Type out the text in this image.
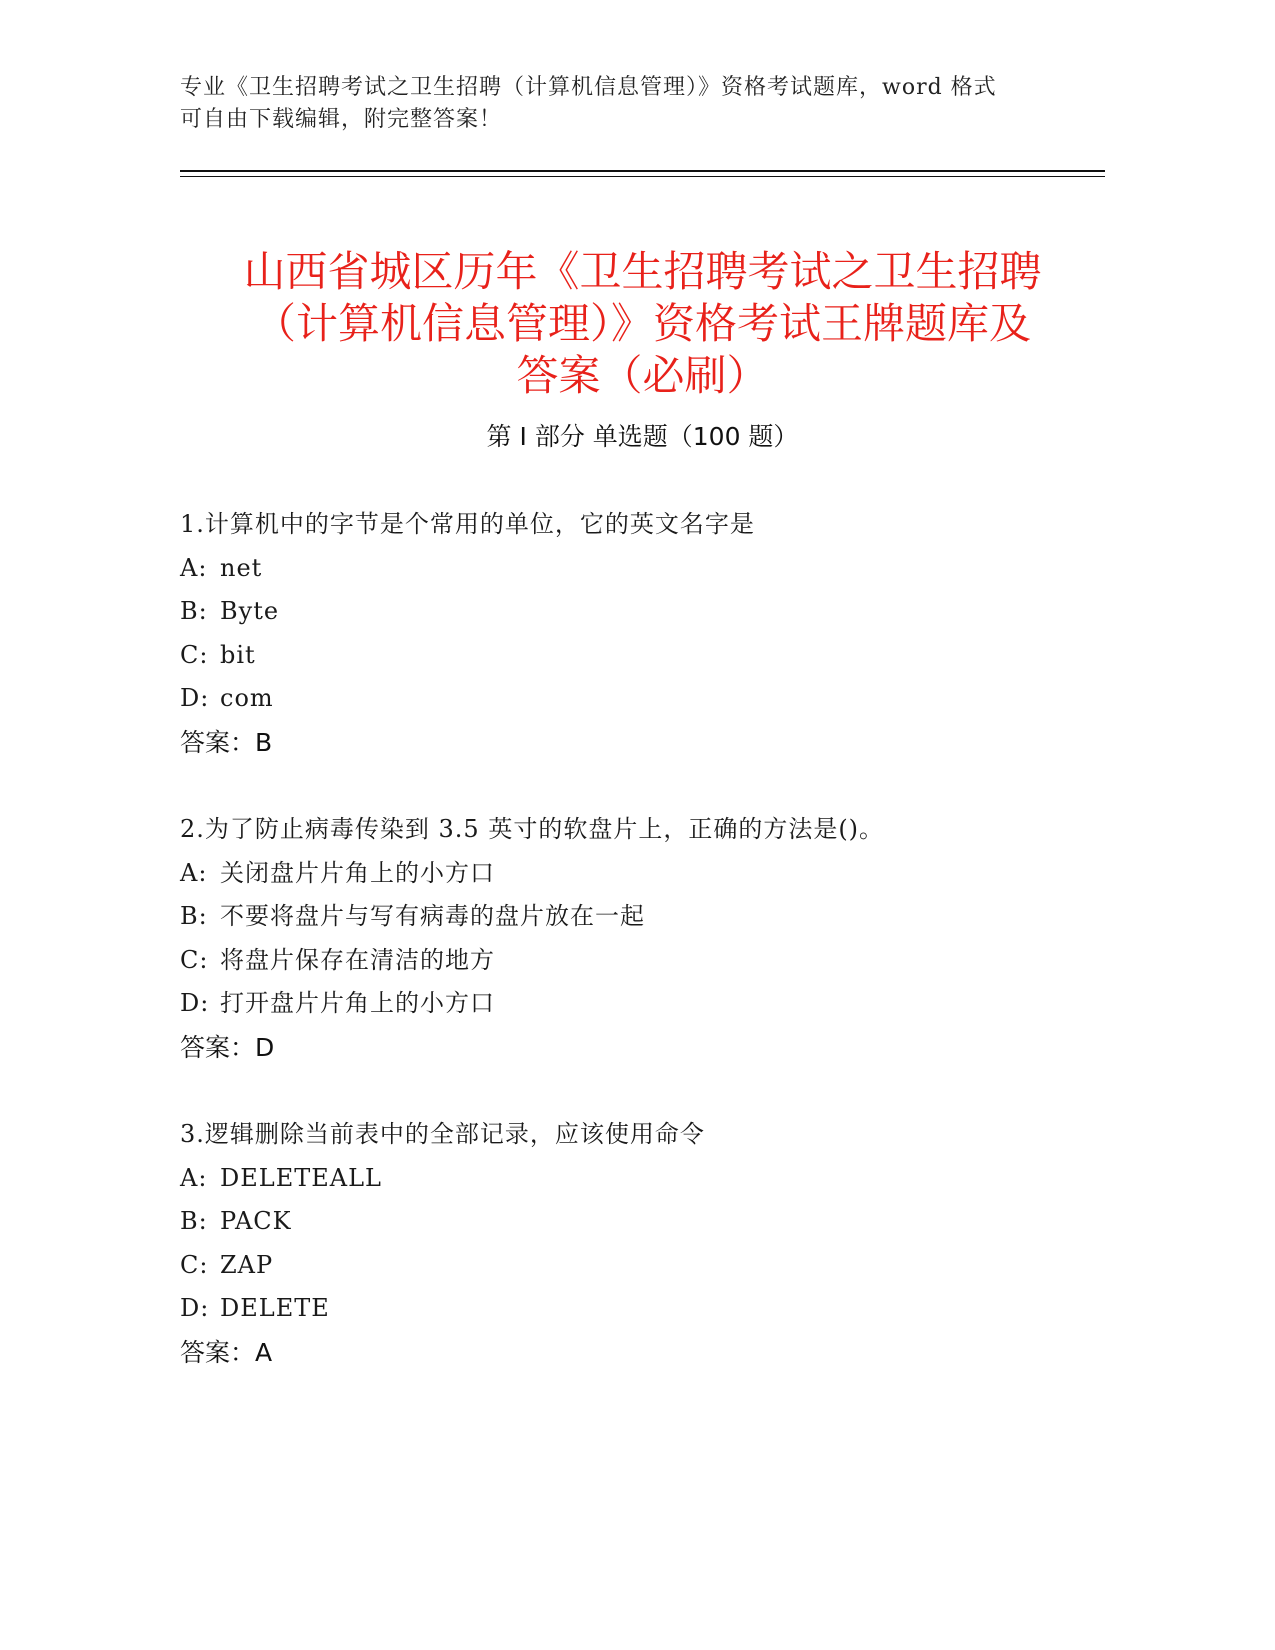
专业《卫生招聘考试之卫生招聘（计算机信息管理）》资格考试题库，word 格式
可自由下载编辑，附完整答案！
山西省城区历年《卫生招聘考试之卫生招聘
（计算机信息管理）》资格考试王牌题库及
答案（必刷）
第 I 部分 单选题（100 题）
1.计算机中的字节是个常用的单位，它的英文名字是
A: net
B: Byte
C: bit
D: com
答案：B
2.为了防止病毒传染到 3.5 英寸的软盘片上，正确的方法是()。
A: 关闭盘片片角上的小方口
B: 不要将盘片与写有病毒的盘片放在一起
C: 将盘片保存在清洁的地方
D: 打开盘片片角上的小方口
答案：D
3.逻辑删除当前表中的全部记录，应该使用命令
A: DELETEALL
B: PACK
C: ZAP
D: DELETE
答案：A
